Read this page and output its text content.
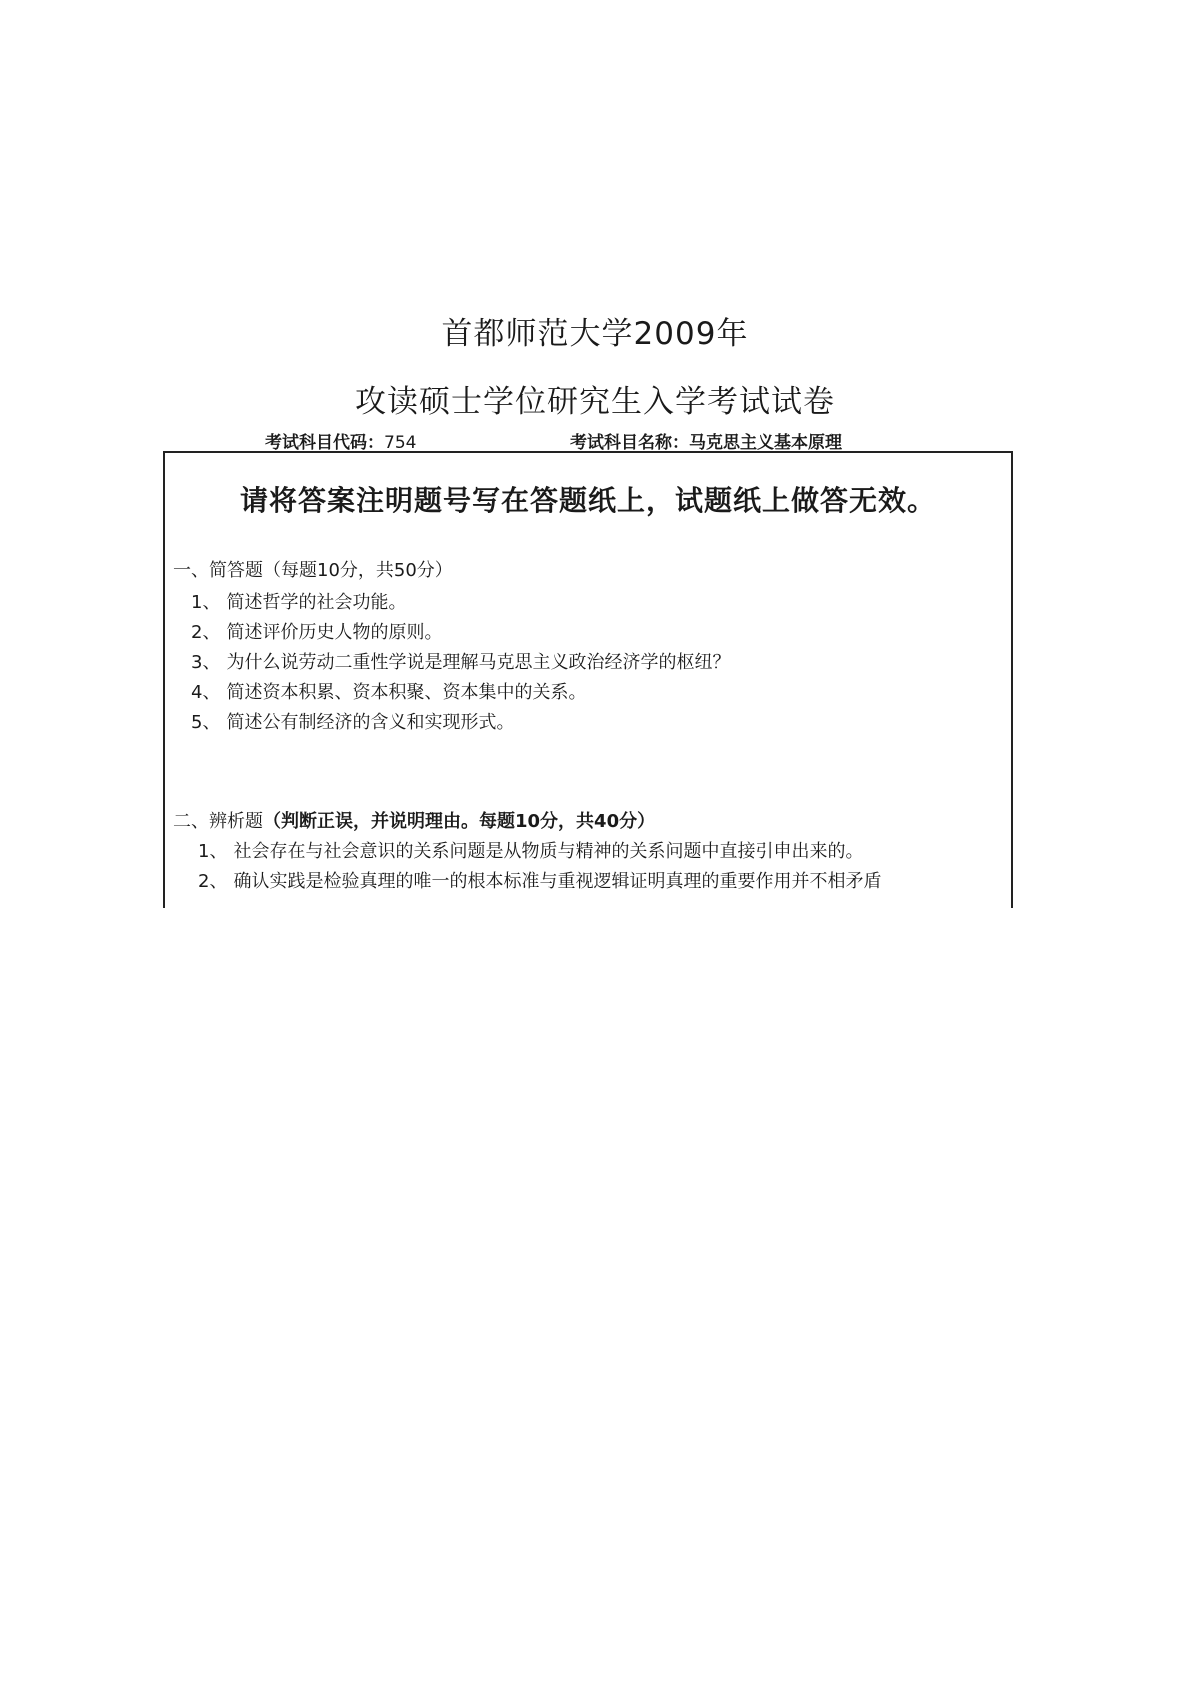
首都师范大学2009年
攻读硕士学位研究生入学考试试卷
考试科目代码：754	考试科目名称：马克思主义基本原理
请将答案注明题号写在答题纸上，试题纸上做答无效。
一、简答题（每题10分，共50分）
1、 简述哲学的社会功能。
2、 简述评价历史人物的原则。
3、 为什么说劳动二重性学说是理解马克思主义政治经济学的枢纽？
4、 简述资本积累、资本积聚、资本集中的关系。
5、 简述公有制经济的含义和实现形式。
二、辨析题（判断正误，并说明理由。每题10分，共40分）
1、 社会存在与社会意识的关系问题是从物质与精神的关系问题中直接引申出来的。
2、 确认实践是检验真理的唯一的根本标准与重视逻辑证明真理的重要作用并不相矛盾
